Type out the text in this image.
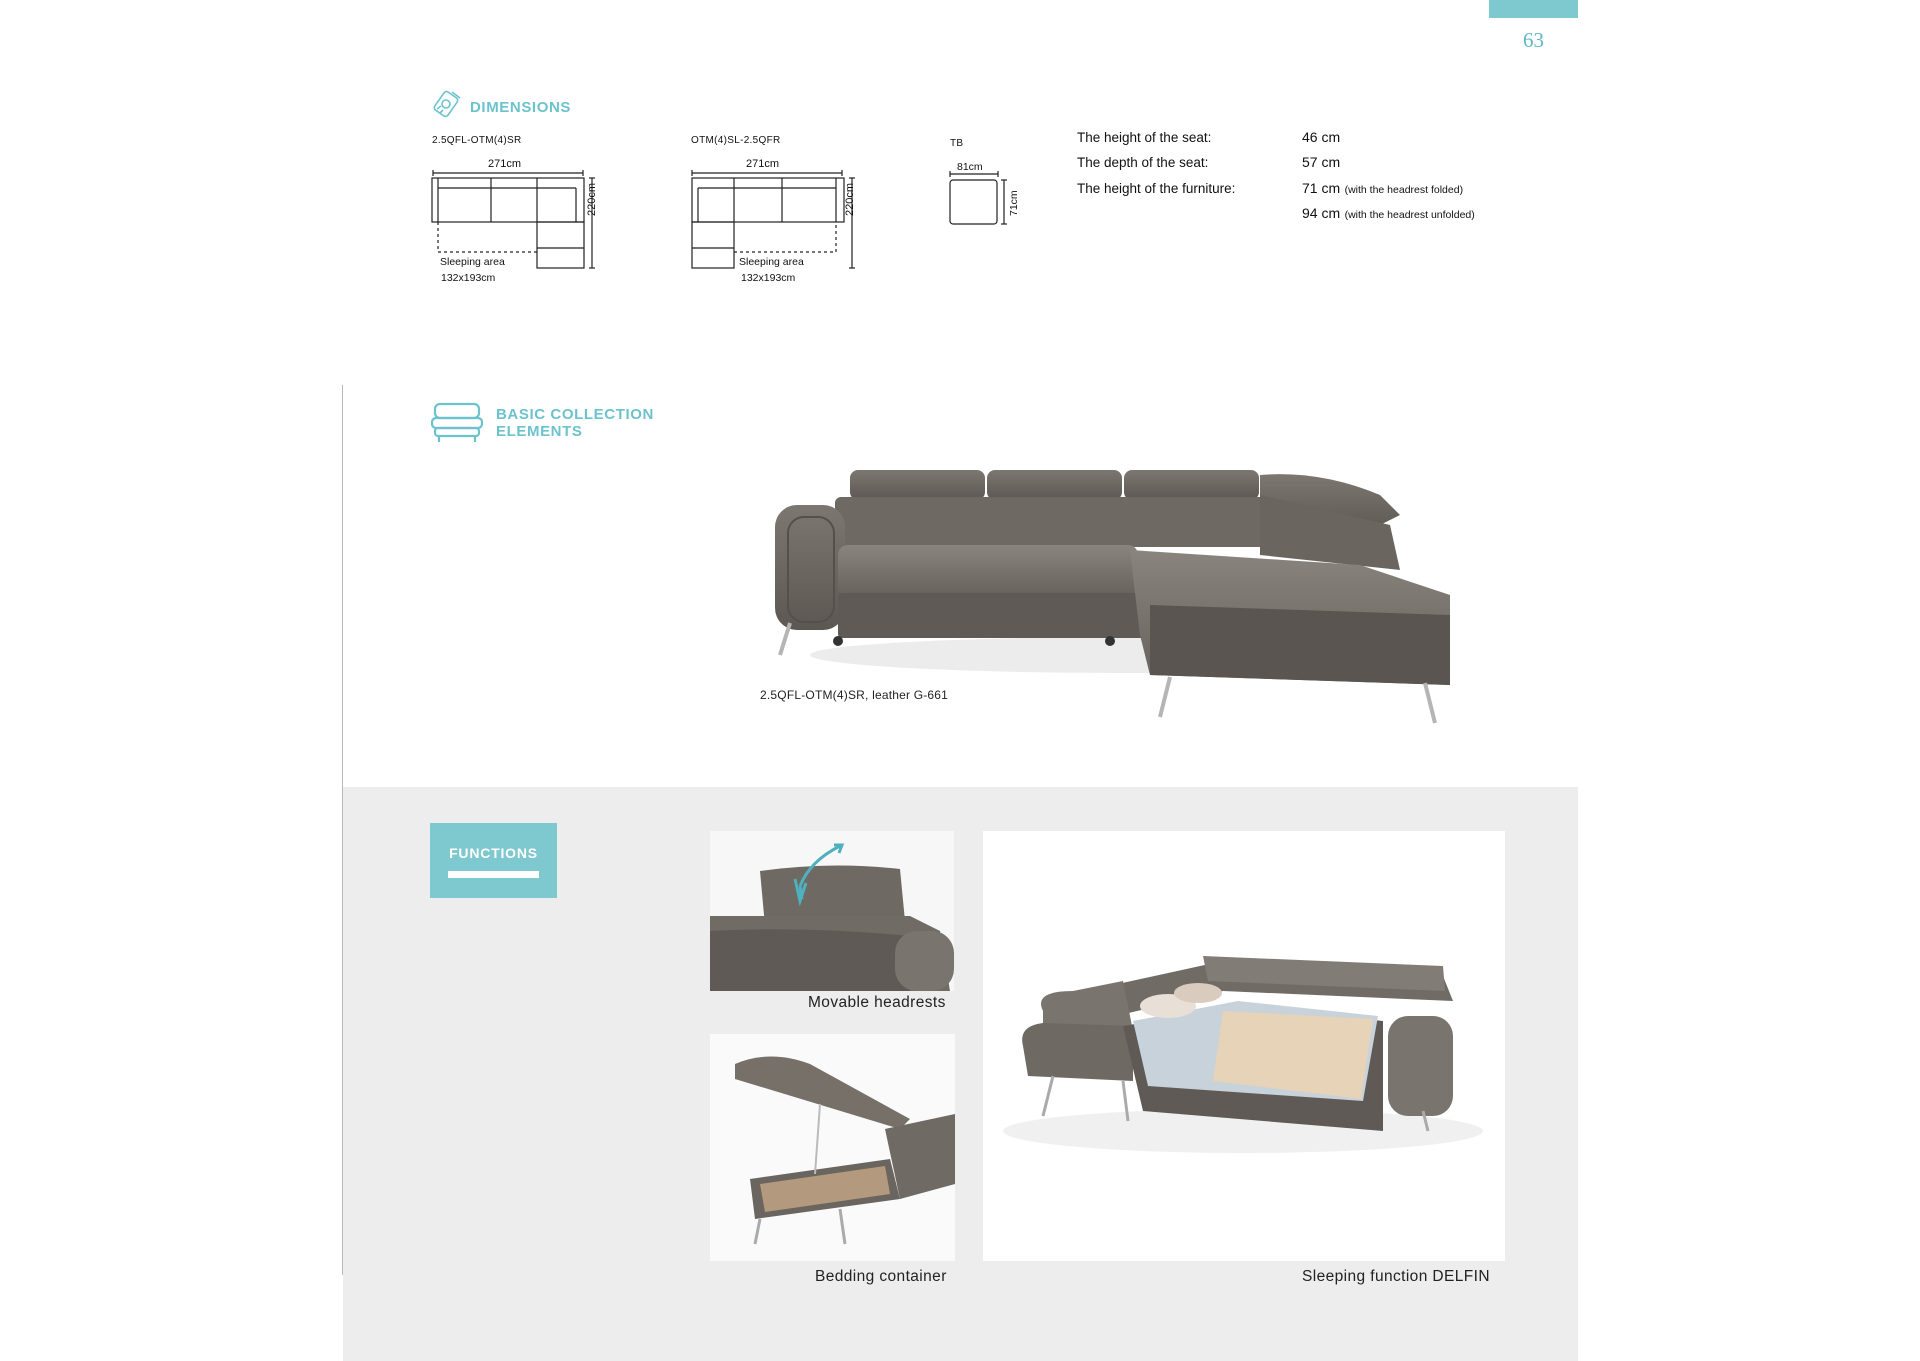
63
DIMENSIONS
2.5QFL-OTM(4)SR
271cm
220cm
Sleeping area
132x193cm
OTM(4)SL-2.5QFR
271cm
220cm
Sleeping area
132x193cm
TB
81cm
71cm
The height of the seat:	46 cm
The depth of the seat:	57 cm
The height of the furniture:	71 cm (with the headrest folded)
94 cm (with the headrest unfolded)
BASIC COLLECTION
ELEMENTS
2.5QFL-OTM(4)SR, leather G-661
FUNCTIONS
Movable headrests
Bedding container	Sleeping function DELFIN
